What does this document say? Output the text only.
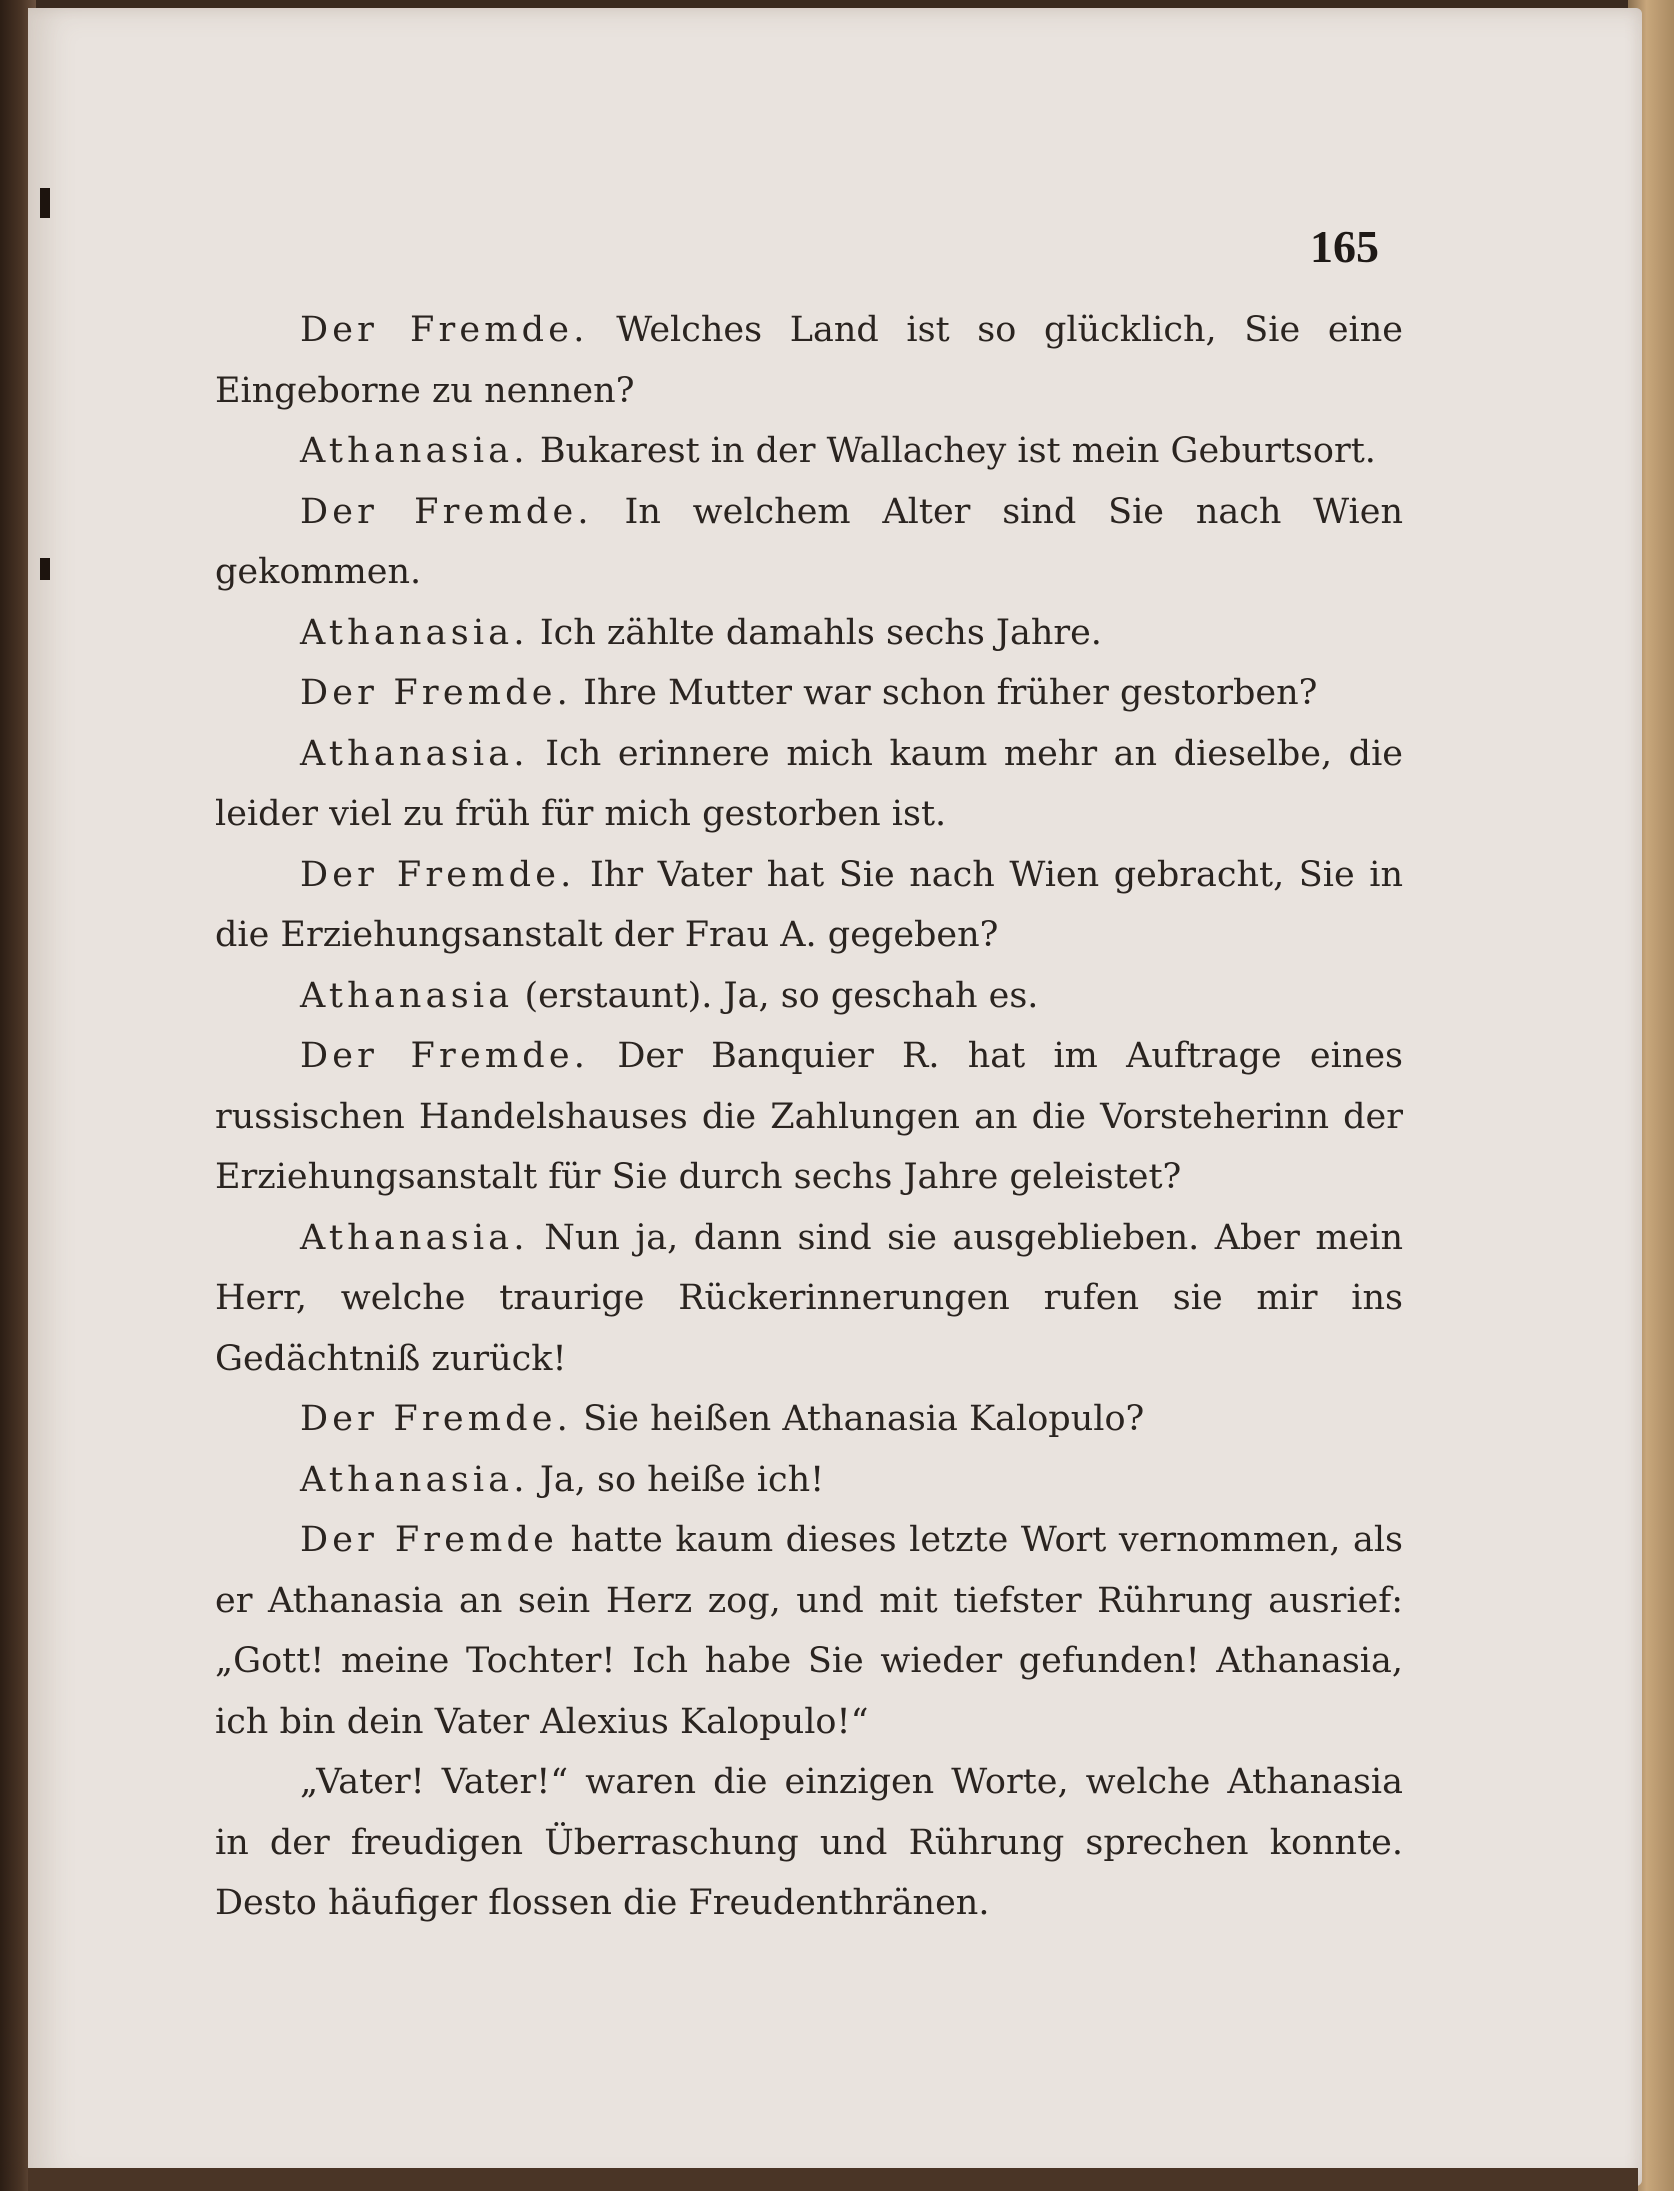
165

Der Fremde. Welches Land ist so glücklich, Sie eine Eingeborne zu nennen?

Athanasia. Bukarest in der Wallachey ist mein Geburtsort.

Der Fremde. In welchem Alter sind Sie nach Wien gekommen.

Athanasia. Ich zählte damahls sechs Jahre.

Der Fremde. Ihre Mutter war schon früher gestorben?

Athanasia. Ich erinnere mich kaum mehr an dieselbe, die leider viel zu früh für mich gestorben ist.

Der Fremde. Ihr Vater hat Sie nach Wien gebracht, Sie in die Erziehungsanstalt der Frau A. gegeben?

Athanasia (erstaunt). Ja, so geschah es.

Der Fremde. Der Banquier R. hat im Auftrage eines russischen Handelshauses die Zahlungen an die Vorsteherinn der Erziehungsanstalt für Sie durch sechs Jahre geleistet?

Athanasia. Nun ja, dann sind sie ausgeblieben. Aber mein Herr, welche traurige Rückerinnerungen rufen sie mir ins Gedächtniß zurück!

Der Fremde. Sie heißen Athanasia Kalopulo?

Athanasia. Ja, so heiße ich!

Der Fremde hatte kaum dieses letzte Wort vernommen, als er Athanasia an sein Herz zog, und mit tiefster Rührung ausrief: „Gott! meine Tochter! Ich habe Sie wieder gefunden! Athanasia, ich bin dein Vater Alexius Kalopulo!“

„Vater! Vater!“ waren die einzigen Worte, welche Athanasia in der freudigen Überraschung und Rührung sprechen konnte. Desto häufiger flossen die Freudenthränen.
